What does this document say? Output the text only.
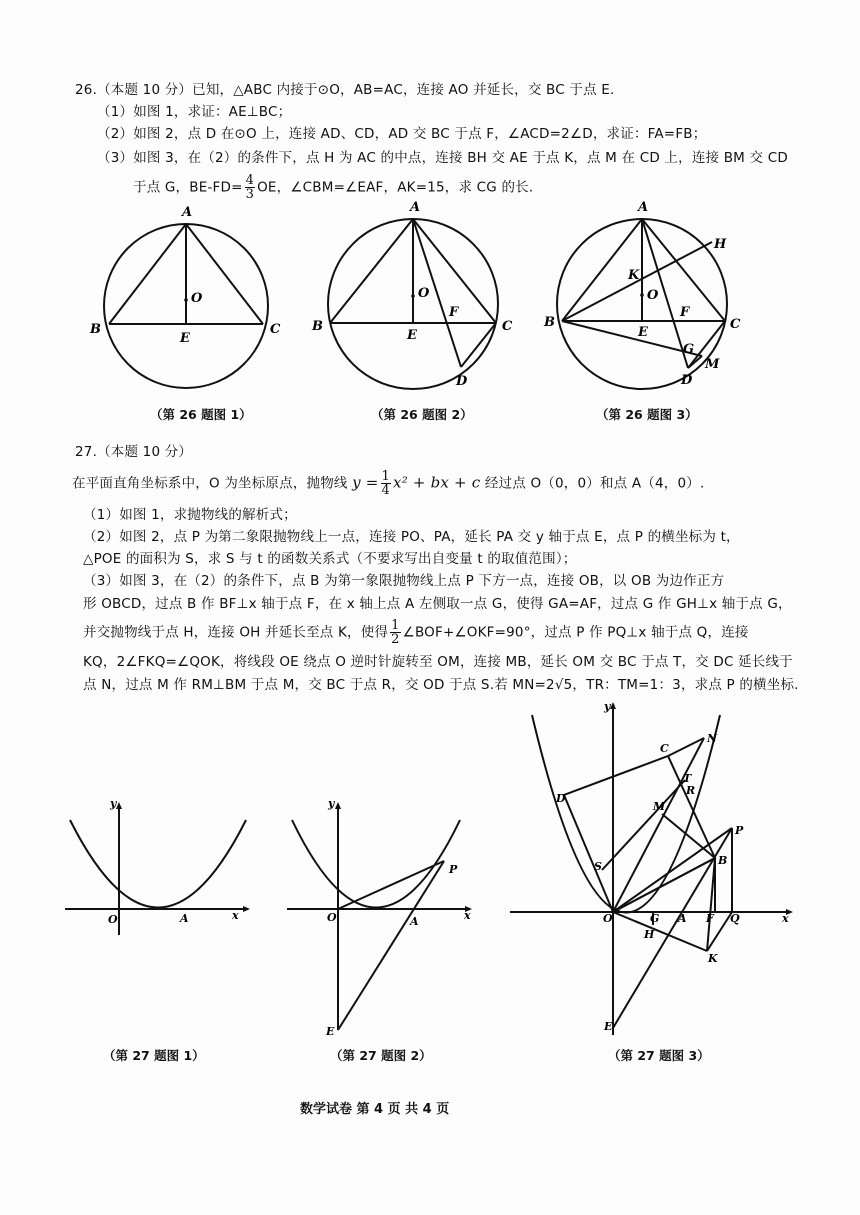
26.（本题 10 分）已知，△ABC 内接于⊙O，AB=AC，连接 AO 并延长，交 BC 于点 E.
（1）如图 1，求证：AE⊥BC；
（2）如图 2，点 D 在⊙O 上，连接 AD、CD，AD 交 BC 于点 F，∠ACD=2∠D，求证：FA=FB；
（3）如图 3，在（2）的条件下，点 H 为 AC 的中点，连接 BH 交 AE 于点 K，点 M 在 CD 上，连接 BM 交 CD
于点 G，$BE-FD= \frac{4}{3}$ OE，∠CBM=∠EAF，AK=15，求 CG 的长.
A
O
B
E
C
A
O
F
B
E
C
D
A
H
K
O
B
E
F
C
G
M
D
（第 26 题图 1）	（第 26 题图 2）	（第 26 题图 3）
27.（本题 10 分）
在平面直角坐标系中，O 为坐标原点，抛物线 $y = \frac{1}{4} x^2$ + bx + c 经过点 O（0，0）和点 A（4，0）.
（1）如图 1，求抛物线的解析式；
（2）如图 2，点 P 为第二象限抛物线上一点，连接 PO、PA，延长 PA 交 y 轴于点 E，点 P 的横坐标为 t，
△POE 的面积为 S，求 S 与 t 的函数关系式（不要求写出自变量 t 的取值范围）；
（3）如图 3，在（2）的条件下，点 B 为第一象限抛物线上点 P 下方一点，连接 OB，以 OB 为边作正方
形 OBCD，过点 B 作 BF⊥x 轴于点 F，在 x 轴上点 A 左侧取一点 G，使得 GA=AF，过点 G 作 GH⊥x 轴于点 G，
并交抛物线于点 H，连接 OH 并延长至点 K，使得 $\frac{1}{2}$ ∠BOF+∠OKF=90°，过点 P 作 PQ⊥x 轴于点 Q，连接
KQ，2∠FKQ=∠QOK，将线段 OE 绕点 O 逆时针旋转至 OM，连接 MB，延长 OM 交 BC 于点 T，交 DC 延长线于
点 N，过点 M 作 RM⊥BM 于点 M，交 BC 于点 R，交 OD 于点 S.若 MN=2√5，TR：TM=1：3，求点 P 的横坐标.
y
O	A	x
y
P
O	A	x
E
y
N
C
T
R
M
D
P
B
S
O	G A F Q	x
H
K
E
（第 27 题图 1）	（第 27 题图 2）	（第 27 题图 3）
数学试卷 第 4 页 共 4 页
